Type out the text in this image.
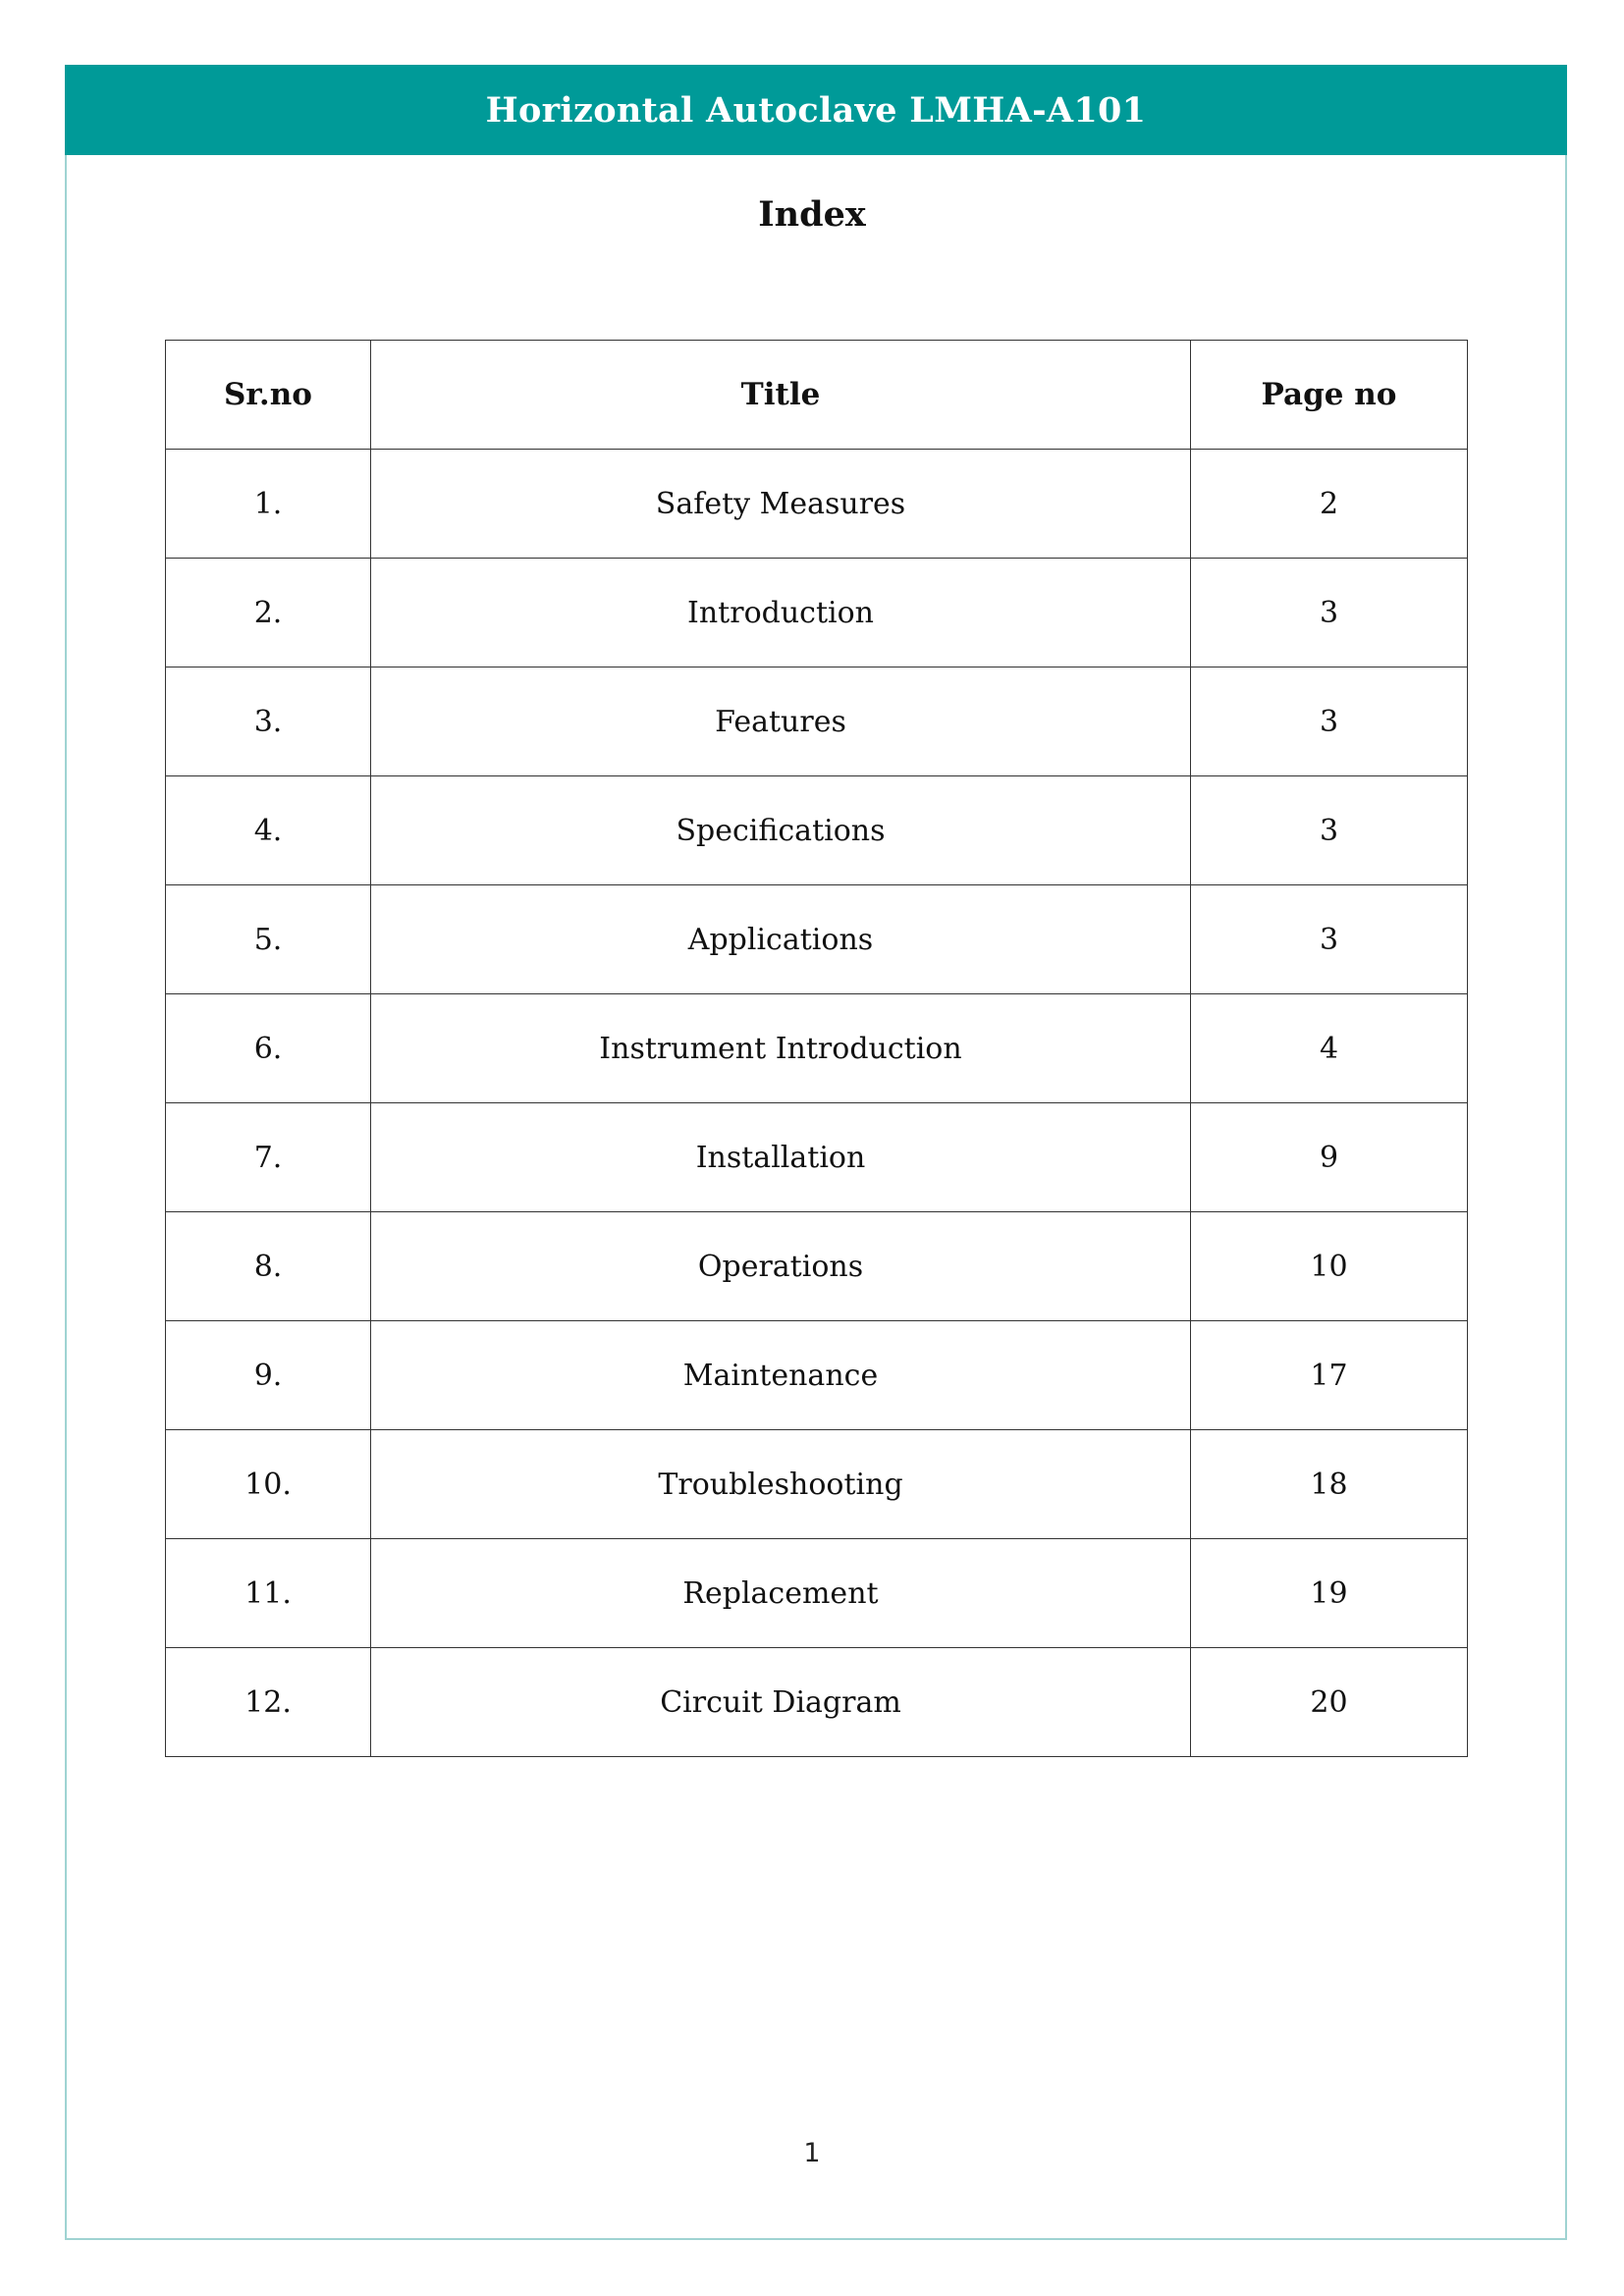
Horizontal Autoclave LMHA-A101
Index
Sr.no	Title	Page no
1.	Safety Measures	2
2.	Introduction	3
3.	Features	3
4.	Specifications	3
5.	Applications	3
6.	Instrument Introduction	4
7.	Installation	9
8.	Operations	10
9.	Maintenance	17
10.	Troubleshooting	18
11.	Replacement	19
12.	Circuit Diagram	20
1
